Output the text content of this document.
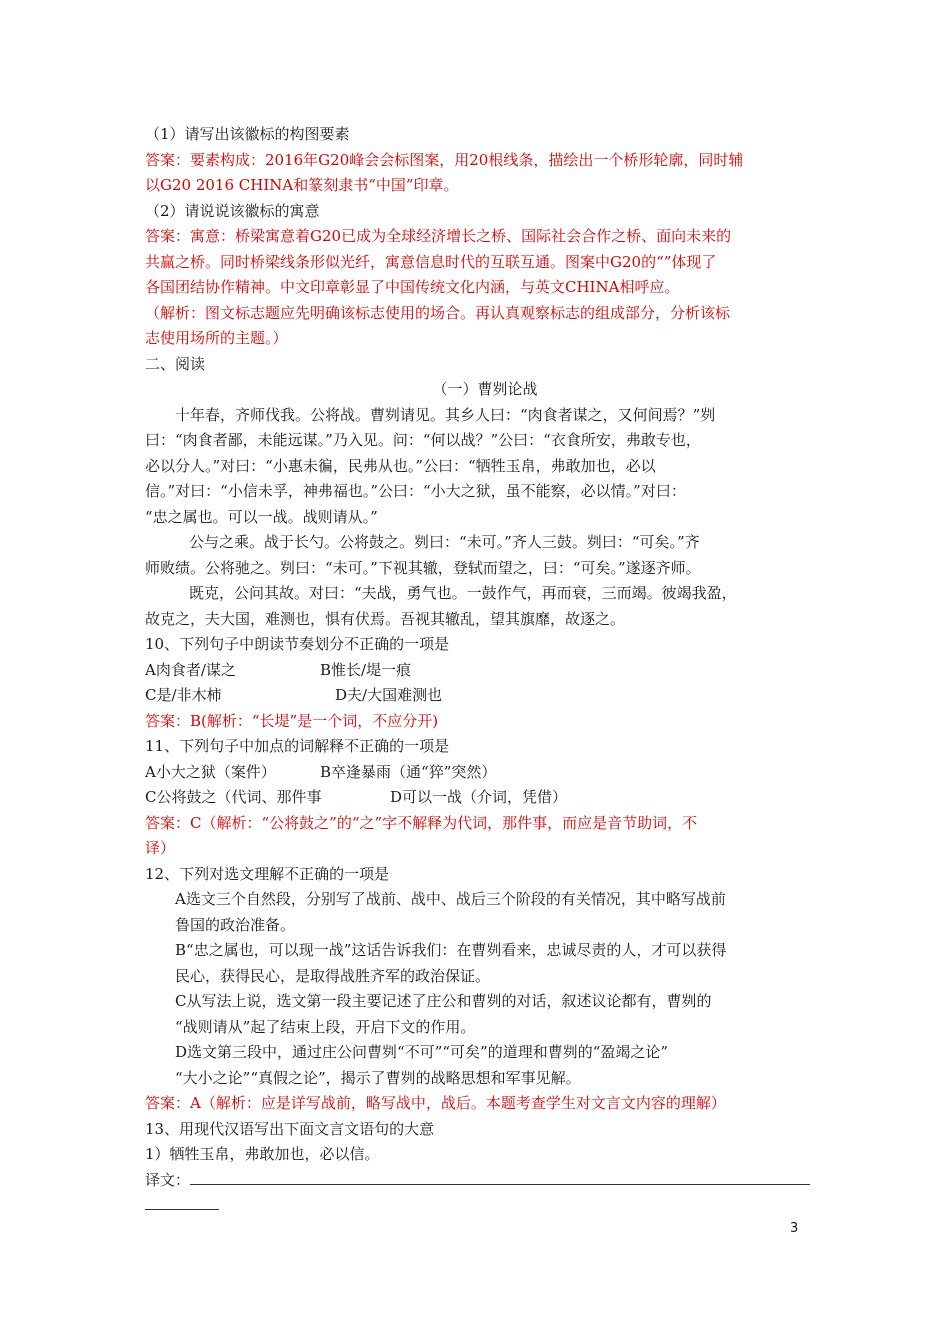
（1）请写出该徽标的构图要素
答案：要素构成：2016年G20峰会会标图案，用20根线条，描绘出一个桥形轮廓，同时辅
以G20 2016 CHINA和篆刻隶书“中国”印章。
（2）请说说该徽标的寓意
答案：寓意：桥梁寓意着G20已成为全球经济增长之桥、国际社会合作之桥、面向未来的
共赢之桥。同时桥梁线条形似光纤，寓意信息时代的互联互通。图案中G20的“”体现了
各国团结协作精神。中文印章彰显了中国传统文化内涵，与英文CHINA相呼应。
（解析：图文标志题应先明确该标志使用的场合。再认真观察标志的组成部分，分析该标
志使用场所的主题。）
二、阅读
（一）曹刿论战
十年春，齐师伐我。公将战。曹刿请见。其乡人曰：“肉食者谋之，又何间焉？”刿
曰：“肉食者鄙，未能远谋。”乃入见。问：“何以战？”公曰：“衣食所安，弗敢专也，
必以分人。”对曰：“小惠未徧，民弗从也。”公曰：“牺牲玉帛，弗敢加也，必以
信。”对曰：“小信未孚，神弗福也。”公曰：“小大之狱，虽不能察，必以情。”对曰：
“忠之属也。可以一战。战则请从。”
公与之乘。战于长勺。公将鼓之。刿曰：“未可。”齐人三鼓。刿曰：“可矣。”齐
师败绩。公将驰之。刿曰：“未可。”下视其辙，登轼而望之，曰：“可矣。”遂逐齐师。
既克，公问其故。对曰：“夫战，勇气也。一鼓作气，再而衰，三而竭。彼竭我盈，
故克之，夫大国，难测也，惧有伏焉。吾视其辙乱，望其旗靡，故逐之。
10、下列句子中朗读节奏划分不正确的一项是
A肉食者/谋之	B惟长/堤一痕
C是/非木柿	D夫/大国难测也
答案：B(解析：“长堤”是一个词，不应分开)
11、下列句子中加点的词解释不正确的一项是
A小大之狱（案件）	B卒逢暴雨（通“猝”突然）
C公将鼓之（代词、那件事	D可以一战（介词，凭借）
答案：C（解析：“公将鼓之”的“之”字不解释为代词，那件事，而应是音节助词，不
译）
12、下列对选文理解不正确的一项是
A选文三个自然段，分别写了战前、战中、战后三个阶段的有关情况，其中略写战前
鲁国的政治准备。
B“忠之属也，可以现一战”这话告诉我们：在曹刿看来，忠诚尽责的人，才可以获得
民心，获得民心，是取得战胜齐军的政治保证。
C从写法上说，选文第一段主要记述了庄公和曹刿的对话，叙述议论都有，曹刿的
“战则请从”起了结束上段，开启下文的作用。
D选文第三段中，通过庄公问曹刿“不可”“可矣”的道理和曹刿的“盈竭之论”
“大小之论”“真假之论”，揭示了曹刿的战略思想和军事见解。
答案：A（解析：应是详写战前，略写战中，战后。本题考查学生对文言文内容的理解）
13、用现代汉语写出下面文言文语句的大意
1）牺牲玉帛，弗敢加也，必以信。
译文：
3
